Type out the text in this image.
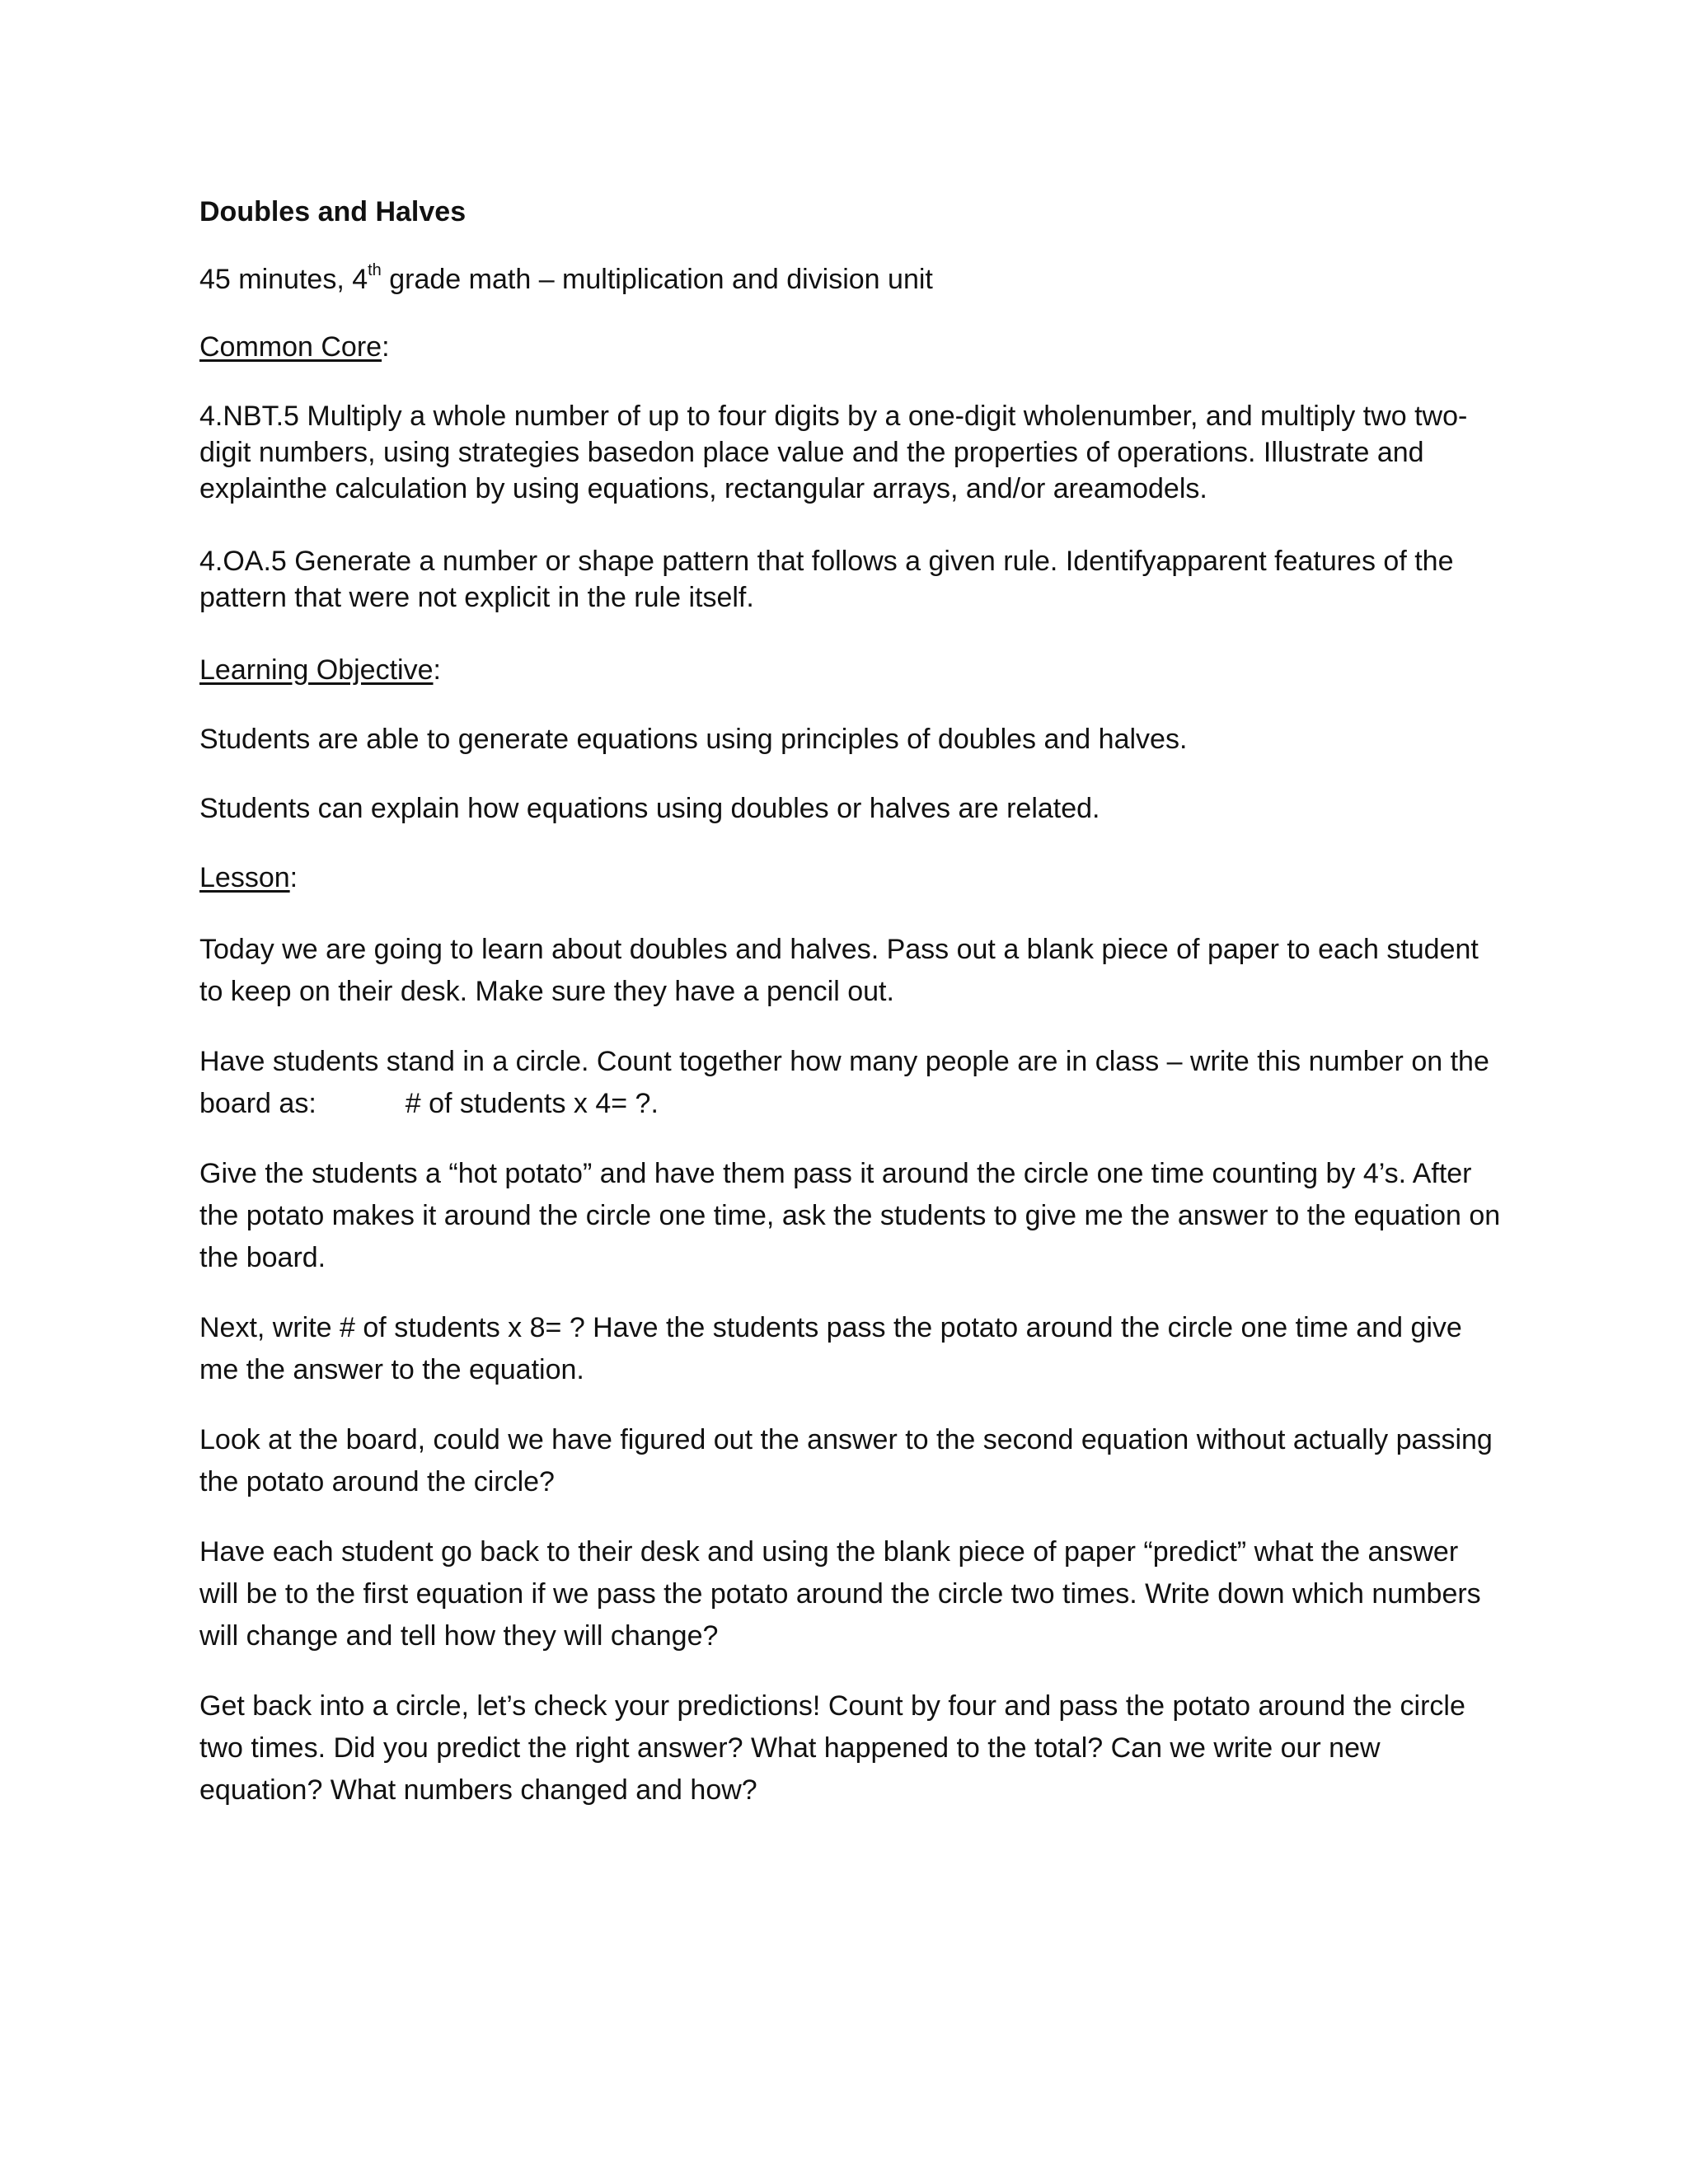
Doubles and Halves

45 minutes, 4th grade math – multiplication and division unit

Common Core:

4.NBT.5 Multiply a whole number of up to four digits by a one-digit wholenumber, and multiply two two-digit numbers, using strategies basedon place value and the properties of operations. Illustrate and explainthe calculation by using equations, rectangular arrays, and/or areamodels.

4.OA.5 Generate a number or shape pattern that follows a given rule. Identifyapparent features of the pattern that were not explicit in the rule itself.

Learning Objective:

Students are able to generate equations using principles of doubles and halves.

Students can explain how equations using doubles or halves are related.

Lesson:

Today we are going to learn about doubles and halves. Pass out a blank piece of paper to each student to keep on their desk. Make sure they have a pencil out.

Have students stand in a circle. Count together how many people are in class – write this number on the board as:	# of students x 4= ?.

Give the students a “hot potato” and have them pass it around the circle one time counting by 4’s. After the potato makes it around the circle one time, ask the students to give me the answer to the equation on the board.

Next, write # of students x 8= ? Have the students pass the potato around the circle one time and give me the answer to the equation.

Look at the board, could we have figured out the answer to the second equation without actually passing the potato around the circle?

Have each student go back to their desk and using the blank piece of paper “predict” what the answer will be to the first equation if we pass the potato around the circle two times. Write down which numbers will change and tell how they will change?

Get back into a circle, let’s check your predictions! Count by four and pass the potato around the circle two times. Did you predict the right answer? What happened to the total? Can we write our new equation? What numbers changed and how?
